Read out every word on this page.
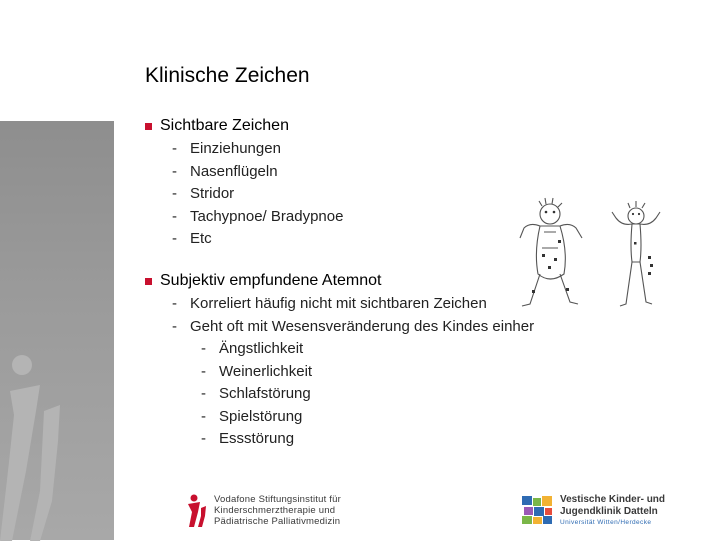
Klinische Zeichen
Sichtbare Zeichen
- Einziehungen
- Nasenflügeln
- Stridor
- Tachypnoe/ Bradypnoe
- Etc
Subjektiv empfundene Atemnot
- Korreliert häufig nicht mit sichtbaren Zeichen
- Geht oft mit Wesensveränderung des Kindes einher
- Ängstlichkeit
- Weinerlichkeit
- Schlafstörung
- Spielstörung
- Essstörung
Vodafone Stiftungsinstitut für
Kinderschmerztherapie und
Pädiatrische Palliativmedizin
Vestische Kinder- und
Jugendklinik Datteln
Universität Witten/Herdecke
